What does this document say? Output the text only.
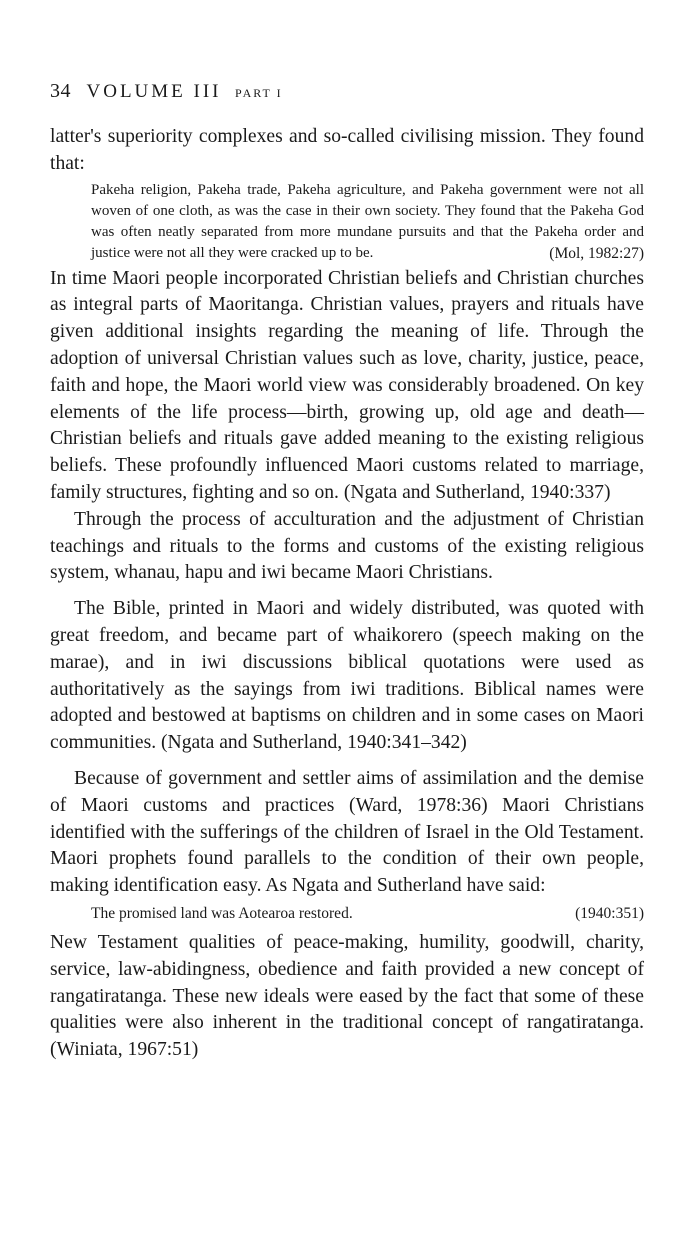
34 VOLUME III PART I

latter's superiority complexes and so-called civilising mission. They found that:

Pakeha religion, Pakeha trade, Pakeha agriculture, and Pakeha government were not all woven of one cloth, as was the case in their own society. They found that the Pakeha God was often neatly separated from more mundane pursuits and that the Pakeha order and justice were not all they were cracked up to be.	(Mol, 1982:27)

In time Maori people incorporated Christian beliefs and Christian churches as integral parts of Maoritanga. Christian values, prayers and rituals have given additional insights regarding the meaning of life. Through the adoption of universal Christian values such as love, charity, justice, peace, faith and hope, the Maori world view was considerably broadened. On key elements of the life process—birth, growing up, old age and death—Christian beliefs and rituals gave added meaning to the existing religious beliefs. These profoundly influenced Maori customs related to marriage, family structures, fighting and so on. (Ngata and Sutherland, 1940:337)

Through the process of acculturation and the adjustment of Christian teachings and rituals to the forms and customs of the existing religious system, whanau, hapu and iwi became Maori Christians.

The Bible, printed in Maori and widely distributed, was quoted with great freedom, and became part of whaikorero (speech making on the marae), and in iwi discussions biblical quotations were used as authoritatively as the sayings from iwi traditions. Biblical names were adopted and bestowed at baptisms on children and in some cases on Maori communities. (Ngata and Sutherland, 1940:341–342)

Because of government and settler aims of assimilation and the demise of Maori customs and practices (Ward, 1978:36) Maori Christians identified with the sufferings of the children of Israel in the Old Testament. Maori prophets found parallels to the condition of their own people, making identification easy. As Ngata and Sutherland have said:

The promised land was Aotearoa restored.	(1940:351)

New Testament qualities of peace-making, humility, goodwill, charity, service, law-abidingness, obedience and faith provided a new concept of rangatiratanga. These new ideals were eased by the fact that some of these qualities were also inherent in the traditional concept of rangatiratanga. (Winiata, 1967:51)
